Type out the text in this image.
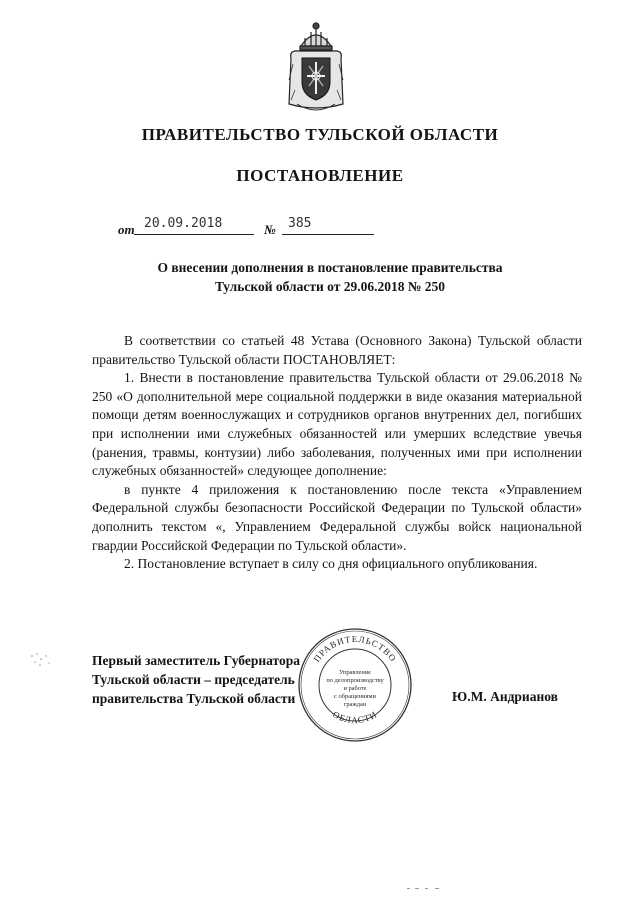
ПРАВИТЕЛЬСТВО ТУЛЬСКОЙ ОБЛАСТИ
ПОСТАНОВЛЕНИЕ
от 20.09.2018	№ 385
О внесении дополнения в постановление правительства
Тульской области от 29.06.2018 № 250

В соответствии со статьей 48 Устава (Основного Закона) Тульской области правительство Тульской области ПОСТАНОВЛЯЕТ:

1. Внести в постановление правительства Тульской области от 29.06.2018 № 250 «О дополнительной мере социальной поддержки в виде оказания материальной помощи детям военнослужащих и сотрудников органов внутренних дел, погибших при исполнении ими служебных обязанностей или умерших вследствие увечья (ранения, травмы, контузии) либо заболевания, полученных ими при исполнении служебных обязанностей» следующее дополнение:

в пункте 4 приложения к постановлению после текста «Управлением Федеральной службы безопасности Российской Федерации по Тульской области» дополнить текстом «, Управлением Федеральной службы войск национальной гвардии Российской Федерации по Тульской области».

2. Постановление вступает в силу со дня официального опубликования.

Первый заместитель Губернатора
Тульской области – председатель
правительства Тульской области	Ю.М. Андрианов
ПРАВИТЕЛЬСТВО
ОБЛАСТИ
Управление
по делопроизводству
и работе
с обращениями
граждан
